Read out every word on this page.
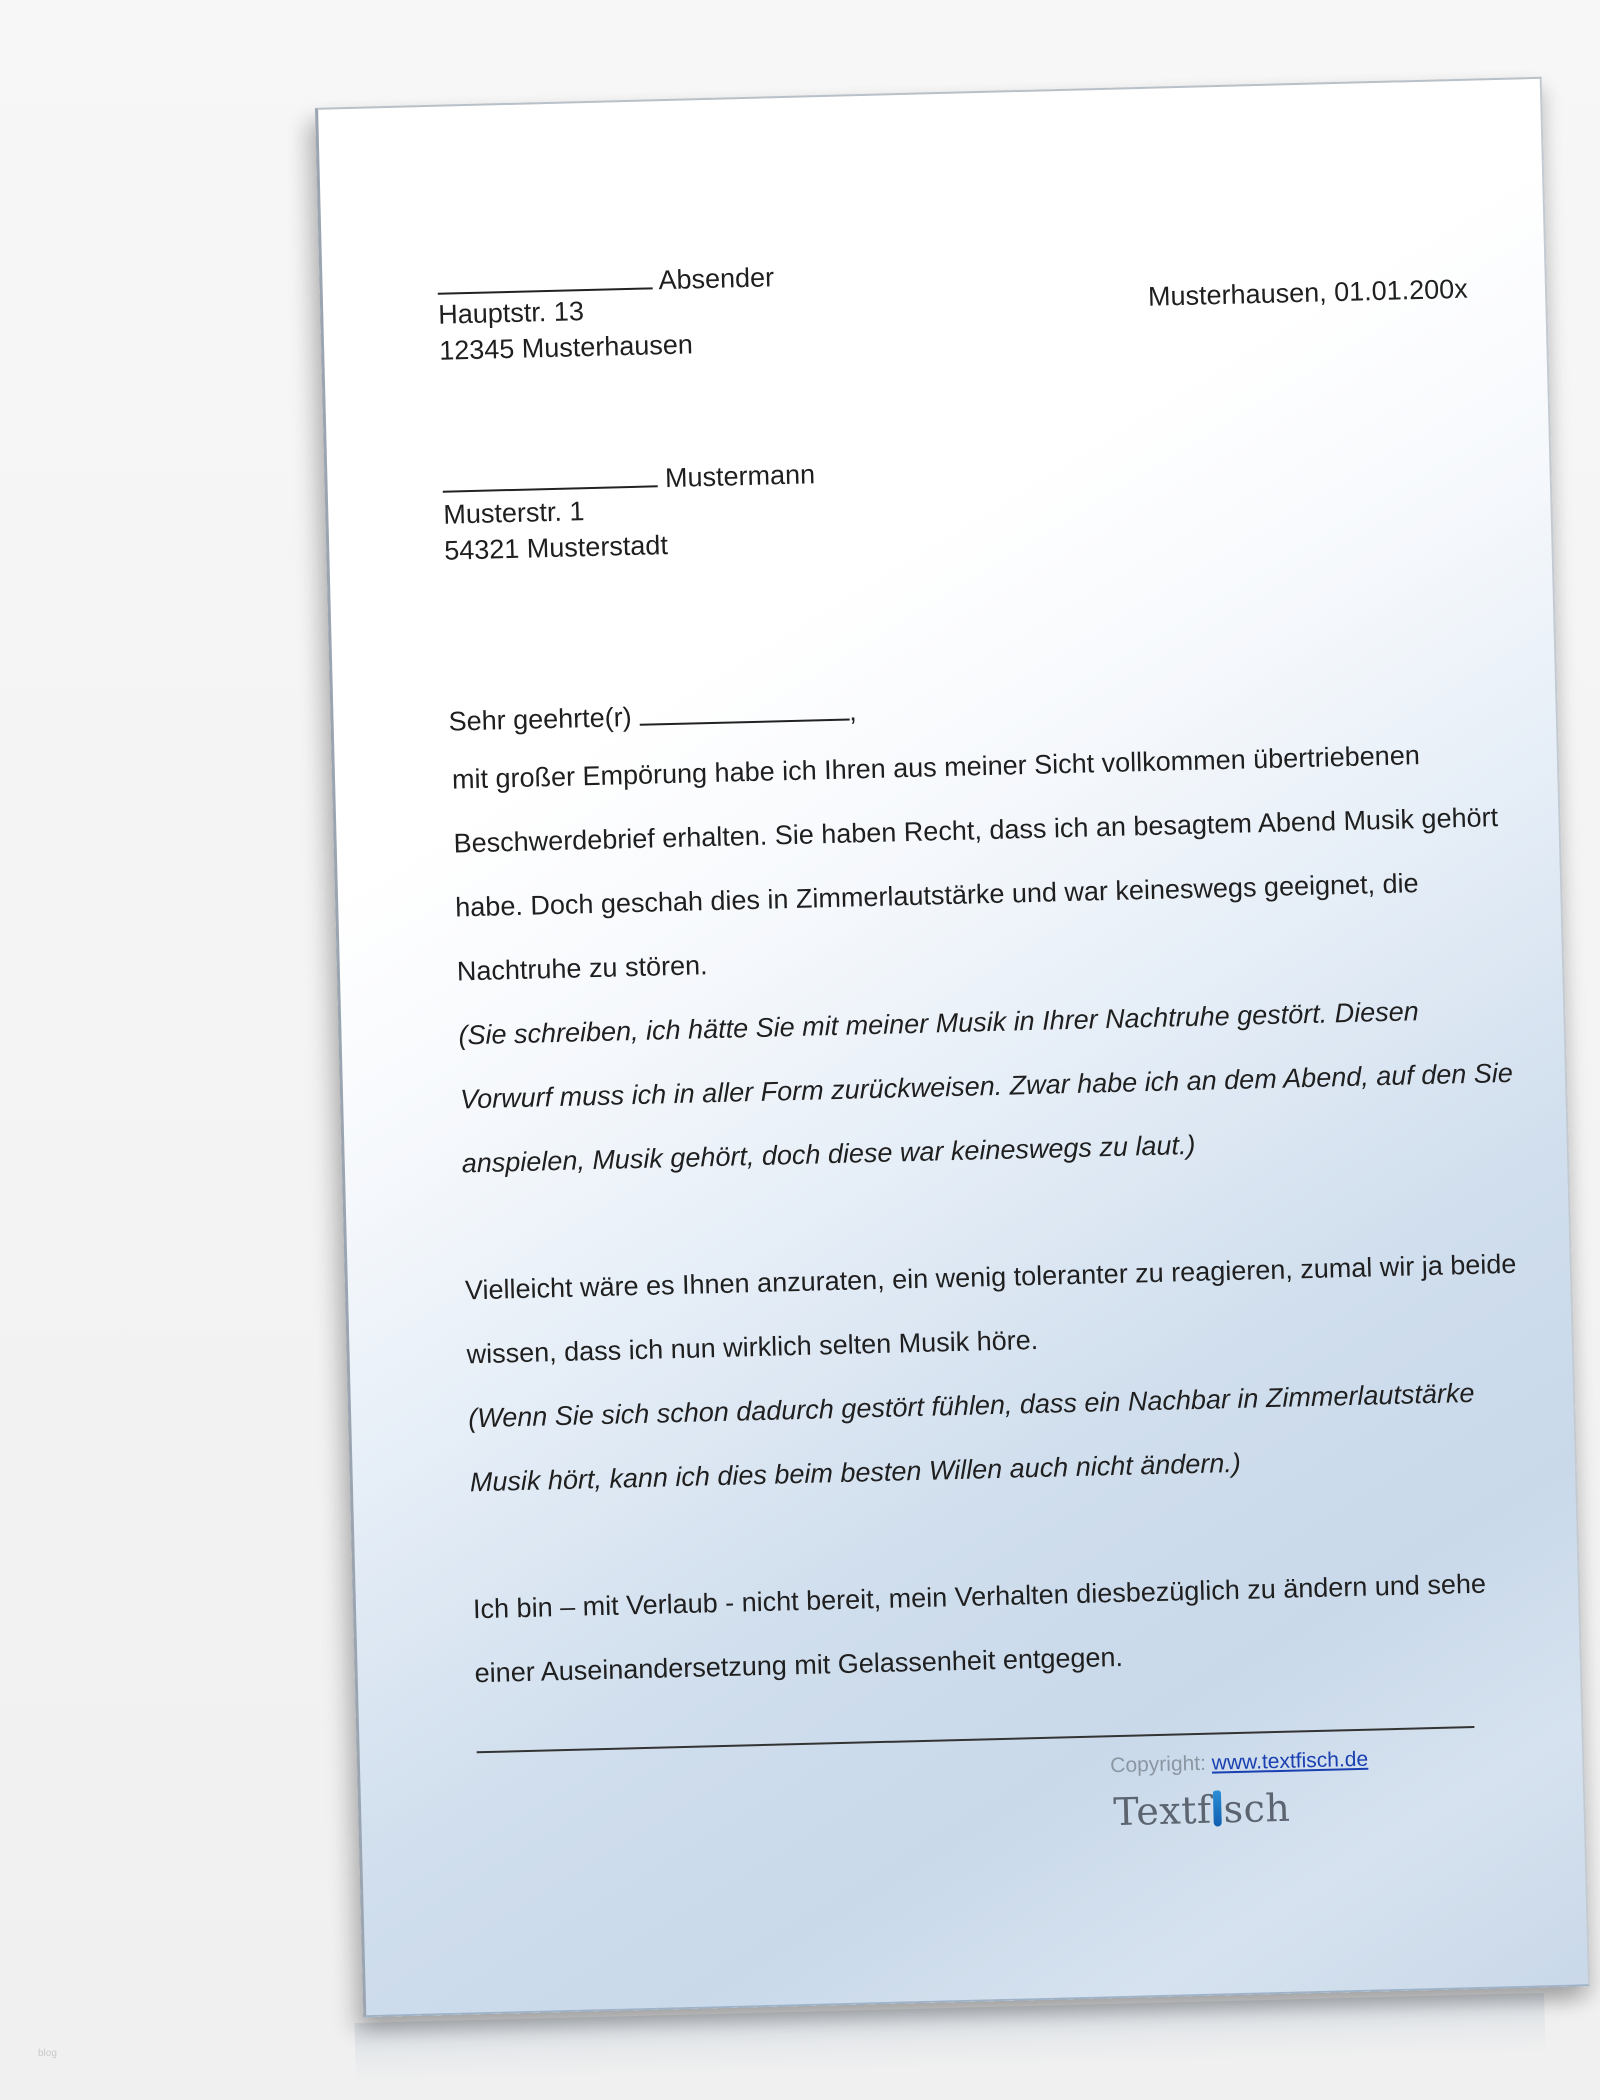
Absender
Hauptstr. 13
12345 Musterhausen
Musterhausen, 01.01.200x
Mustermann
Musterstr. 1
54321 Musterstadt
Sehr geehrte(r)	,
mit großer Empörung habe ich Ihren aus meiner Sicht vollkommen übertriebenen
Beschwerdebrief erhalten. Sie haben Recht, dass ich an besagtem Abend Musik gehört
habe. Doch geschah dies in Zimmerlautstärke und war keineswegs geeignet, die
Nachtruhe zu stören.
(Sie schreiben, ich hätte Sie mit meiner Musik in Ihrer Nachtruhe gestört. Diesen
Vorwurf muss ich in aller Form zurückweisen. Zwar habe ich an dem Abend, auf den Sie
anspielen, Musik gehört, doch diese war keineswegs zu laut.)
Vielleicht wäre es Ihnen anzuraten, ein wenig toleranter zu reagieren, zumal wir ja beide
wissen, dass ich nun wirklich selten Musik höre.
(Wenn Sie sich schon dadurch gestört fühlen, dass ein Nachbar in Zimmerlautstärke
Musik hört, kann ich dies beim besten Willen auch nicht ändern.)
Ich bin – mit Verlaub - nicht bereit, mein Verhalten diesbezüglich zu ändern und sehe
einer Auseinandersetzung mit Gelassenheit entgegen.
Copyright: www.textfisch.de
Textf sch
blog
